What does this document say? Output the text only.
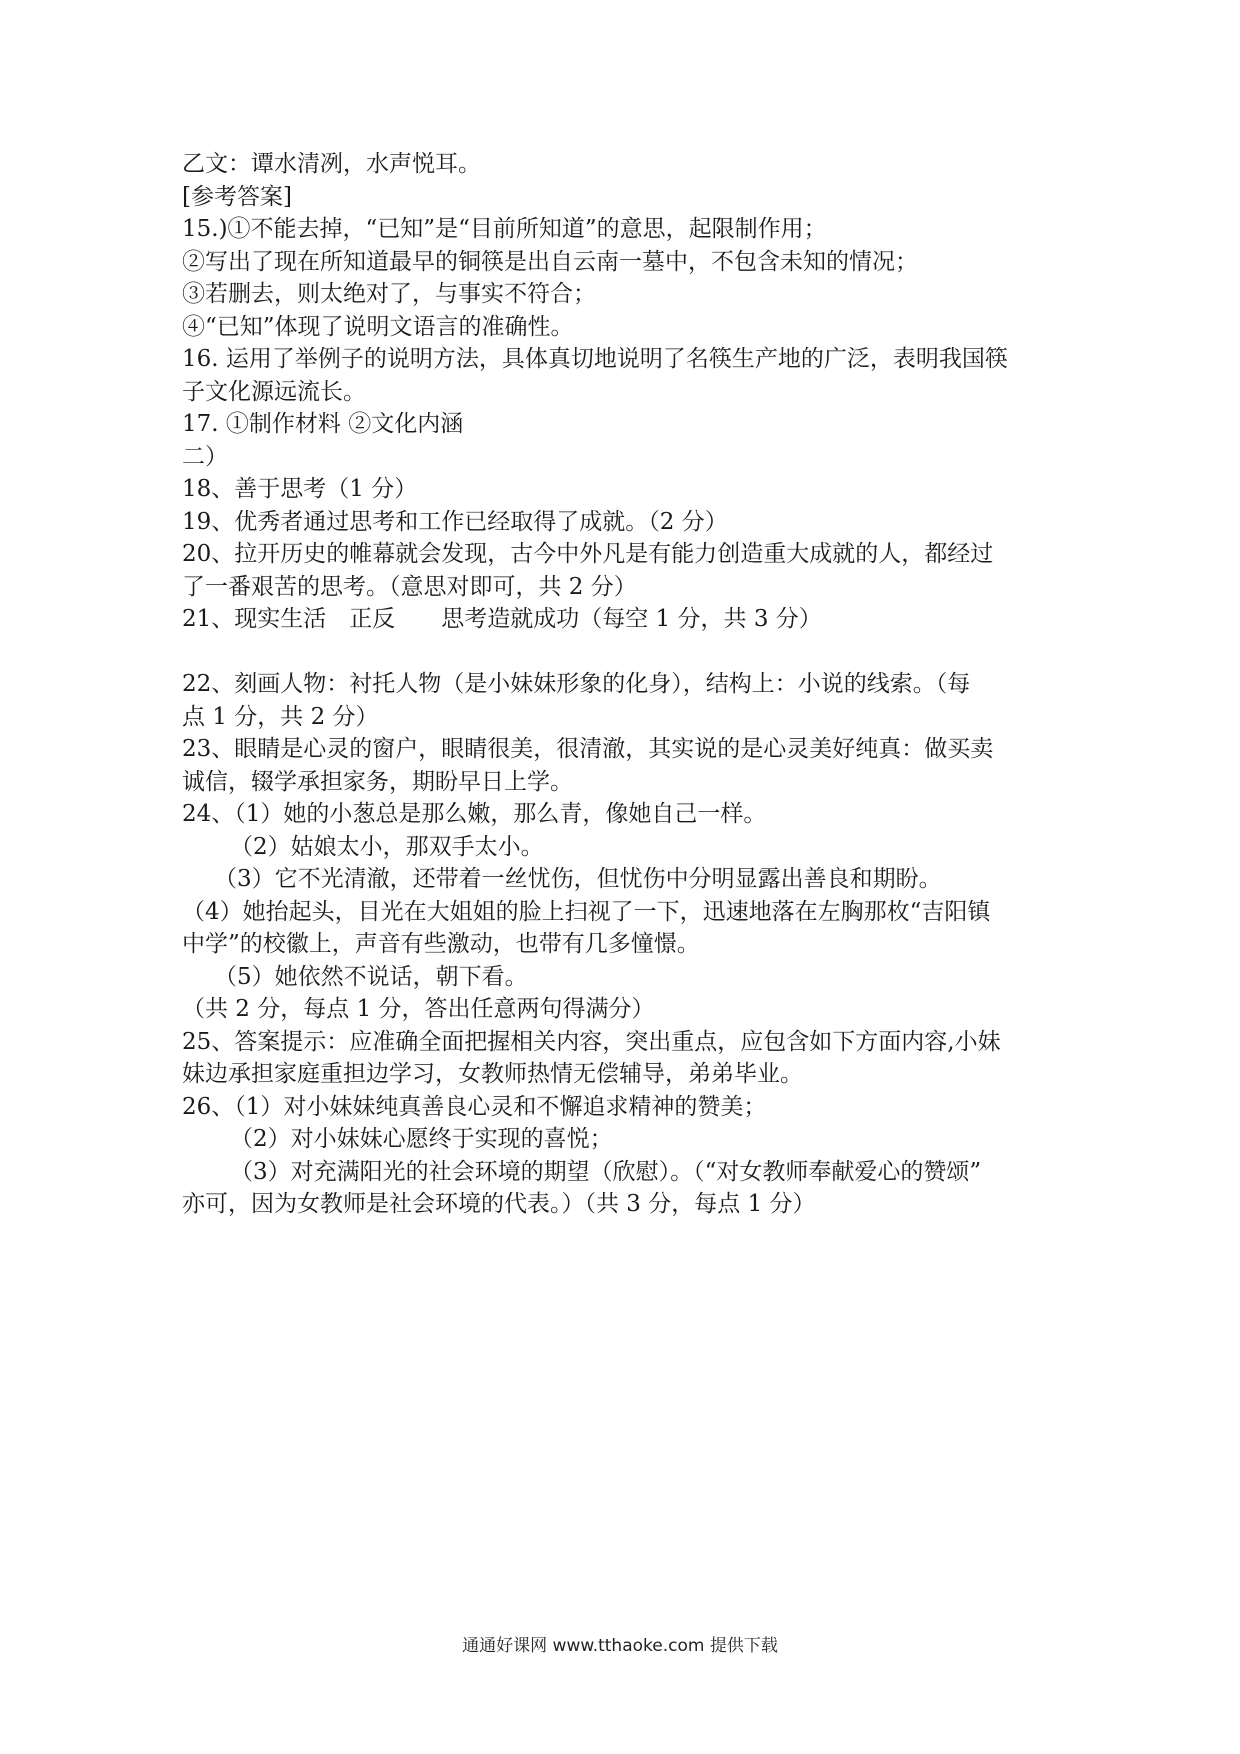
乙文：谭水清冽，水声悦耳。
[参考答案]
15.)①不能去掉，“已知”是“目前所知道”的意思，起限制作用；
②写出了现在所知道最早的铜筷是出自云南一墓中，不包含未知的情况；
③若删去，则太绝对了，与事实不符合；
④“已知”体现了说明文语言的准确性。
16. 运用了举例子的说明方法，具体真切地说明了名筷生产地的广泛，表明我国筷
子文化源远流长。
17. ①制作材料 ②文化内涵
二）
18、善于思考（1 分）
19、优秀者通过思考和工作已经取得了成就。（2 分）
20、拉开历史的帷幕就会发现，古今中外凡是有能力创造重大成就的人，都经过
了一番艰苦的思考。（意思对即可，共 2 分）
21、现实生活　正反　　思考造就成功（每空 1 分，共 3 分）
22、刻画人物：衬托人物（是小妹妹形象的化身），结构上：小说的线索。（每
点 1 分，共 2 分）
23、眼睛是心灵的窗户，眼睛很美，很清澈，其实说的是心灵美好纯真：做买卖
诚信，辍学承担家务，期盼早日上学。
24、（1）她的小葱总是那么嫩，那么青，像她自己一样。
（2）姑娘太小，那双手太小。
（3）它不光清澈，还带着一丝忧伤，但忧伤中分明显露出善良和期盼。
（4）她抬起头，目光在大姐姐的脸上扫视了一下，迅速地落在左胸那枚“吉阳镇
中学”的校徽上，声音有些激动，也带有几多憧憬。
（5）她依然不说话，朝下看。
（共 2 分，每点 1 分，答出任意两句得满分）
25、答案提示：应准确全面把握相关内容，突出重点，应包含如下方面内容,小妹
妹边承担家庭重担边学习，女教师热情无偿辅导，弟弟毕业。
26、（1）对小妹妹纯真善良心灵和不懈追求精神的赞美；
（2）对小妹妹心愿终于实现的喜悦；
（3）对充满阳光的社会环境的期望（欣慰）。（“对女教师奉献爱心的赞颂”
亦可，因为女教师是社会环境的代表。）（共 3 分，每点 1 分）
通通好课网 www.tthaoke.com 提供下载
